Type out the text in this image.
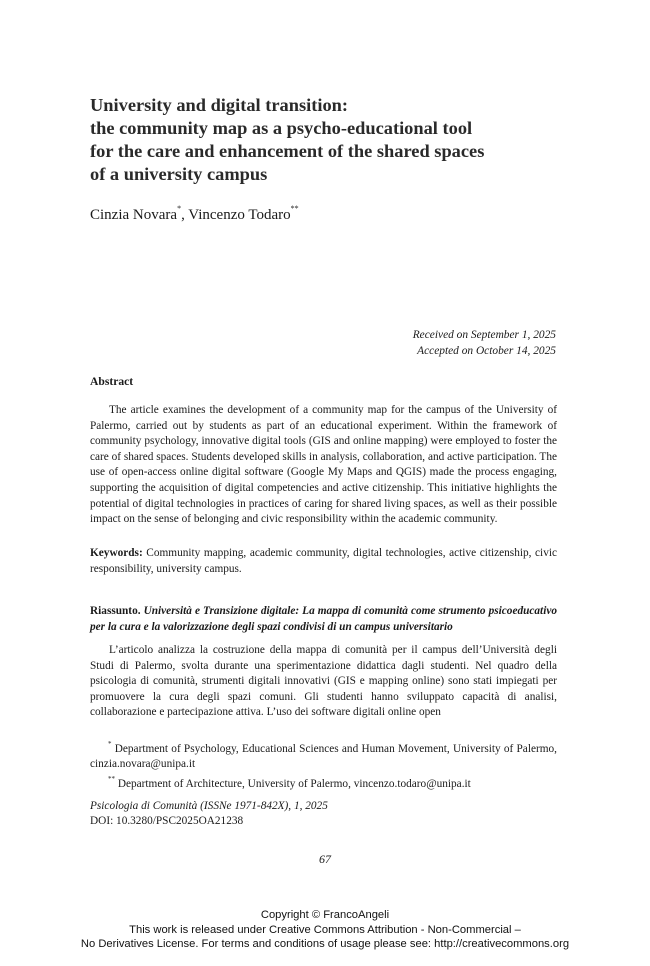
University and digital transition:
the community map as a psycho-educational tool
for the care and enhancement of the shared spaces
of a university campus
Cinzia Novara*, Vincenzo Todaro**
Received on September 1, 2025
Accepted on October 14, 2025
Abstract
The article examines the development of a community map for the campus of the University of Palermo, carried out by students as part of an educational experiment. Within the framework of community psychology, innovative digital tools (GIS and online mapping) were employed to foster the care of shared spaces. Students developed skills in analysis, collaboration, and active participation. The use of open-access online digital software (Google My Maps and QGIS) made the process engaging, supporting the acquisition of digital competencies and active citizenship. This initiative highlights the potential of digital technologies in practices of caring for shared living spaces, as well as their possible impact on the sense of belonging and civic responsibility within the academic community.
Keywords: Community mapping, academic community, digital technologies, active citizenship, civic responsibility, university campus.
Riassunto. Università e Transizione digitale: La mappa di comunità come strumento psicoeducativo per la cura e la valorizzazione degli spazi condivisi di un campus universitario
L’articolo analizza la costruzione della mappa di comunità per il campus dell’Università degli Studi di Palermo, svolta durante una sperimentazione didattica dagli studenti. Nel quadro della psicologia di comunità, strumenti digitali innovativi (GIS e mapping online) sono stati impiegati per promuovere la cura degli spazi comuni. Gli studenti hanno sviluppato capacità di analisi, collaborazione e partecipazione attiva. L’uso dei software digitali online open
* Department of Psychology, Educational Sciences and Human Movement, University of Palermo, cinzia.novara@unipa.it
** Department of Architecture, University of Palermo, vincenzo.todaro@unipa.it
Psicologia di Comunità (ISSNe 1971-842X), 1, 2025
DOI: 10.3280/PSC2025OA21238
67
Copyright © FrancoAngeli
This work is released under Creative Commons Attribution - Non-Commercial –
No Derivatives License. For terms and conditions of usage please see: http://creativecommons.org
